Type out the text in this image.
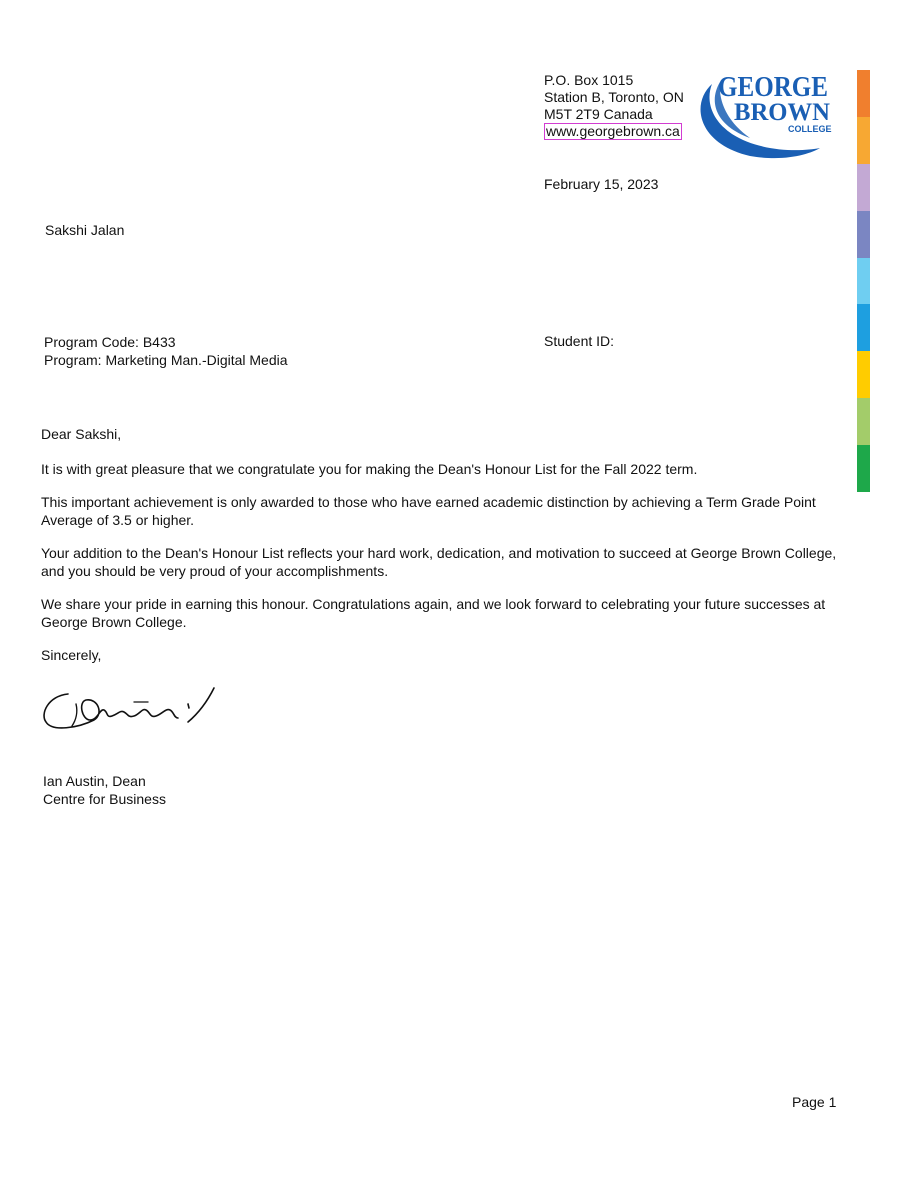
P.O. Box 1015
Station B, Toronto, ON
M5T 2T9 Canada
www.georgebrown.ca
GEORGE
BROWN
COLLEGE
February 15, 2023
Sakshi Jalan
Program Code: B433
Program: Marketing Man.-Digital Media
Student ID:

Dear Sakshi,

It is with great pleasure that we congratulate you for making the Dean's Honour List for the Fall 2022 term.

This important achievement is only awarded to those who have earned academic distinction by achieving a Term Grade Point Average of 3.5 or higher.

Your addition to the Dean's Honour List reflects your hard work, dedication, and motivation to succeed at George Brown College, and you should be very proud of your accomplishments.

We share your pride in earning this honour. Congratulations again, and we look forward to celebrating your future successes at George Brown College.

Sincerely,

Ian Austin, Dean
Centre for Business
Page 1
